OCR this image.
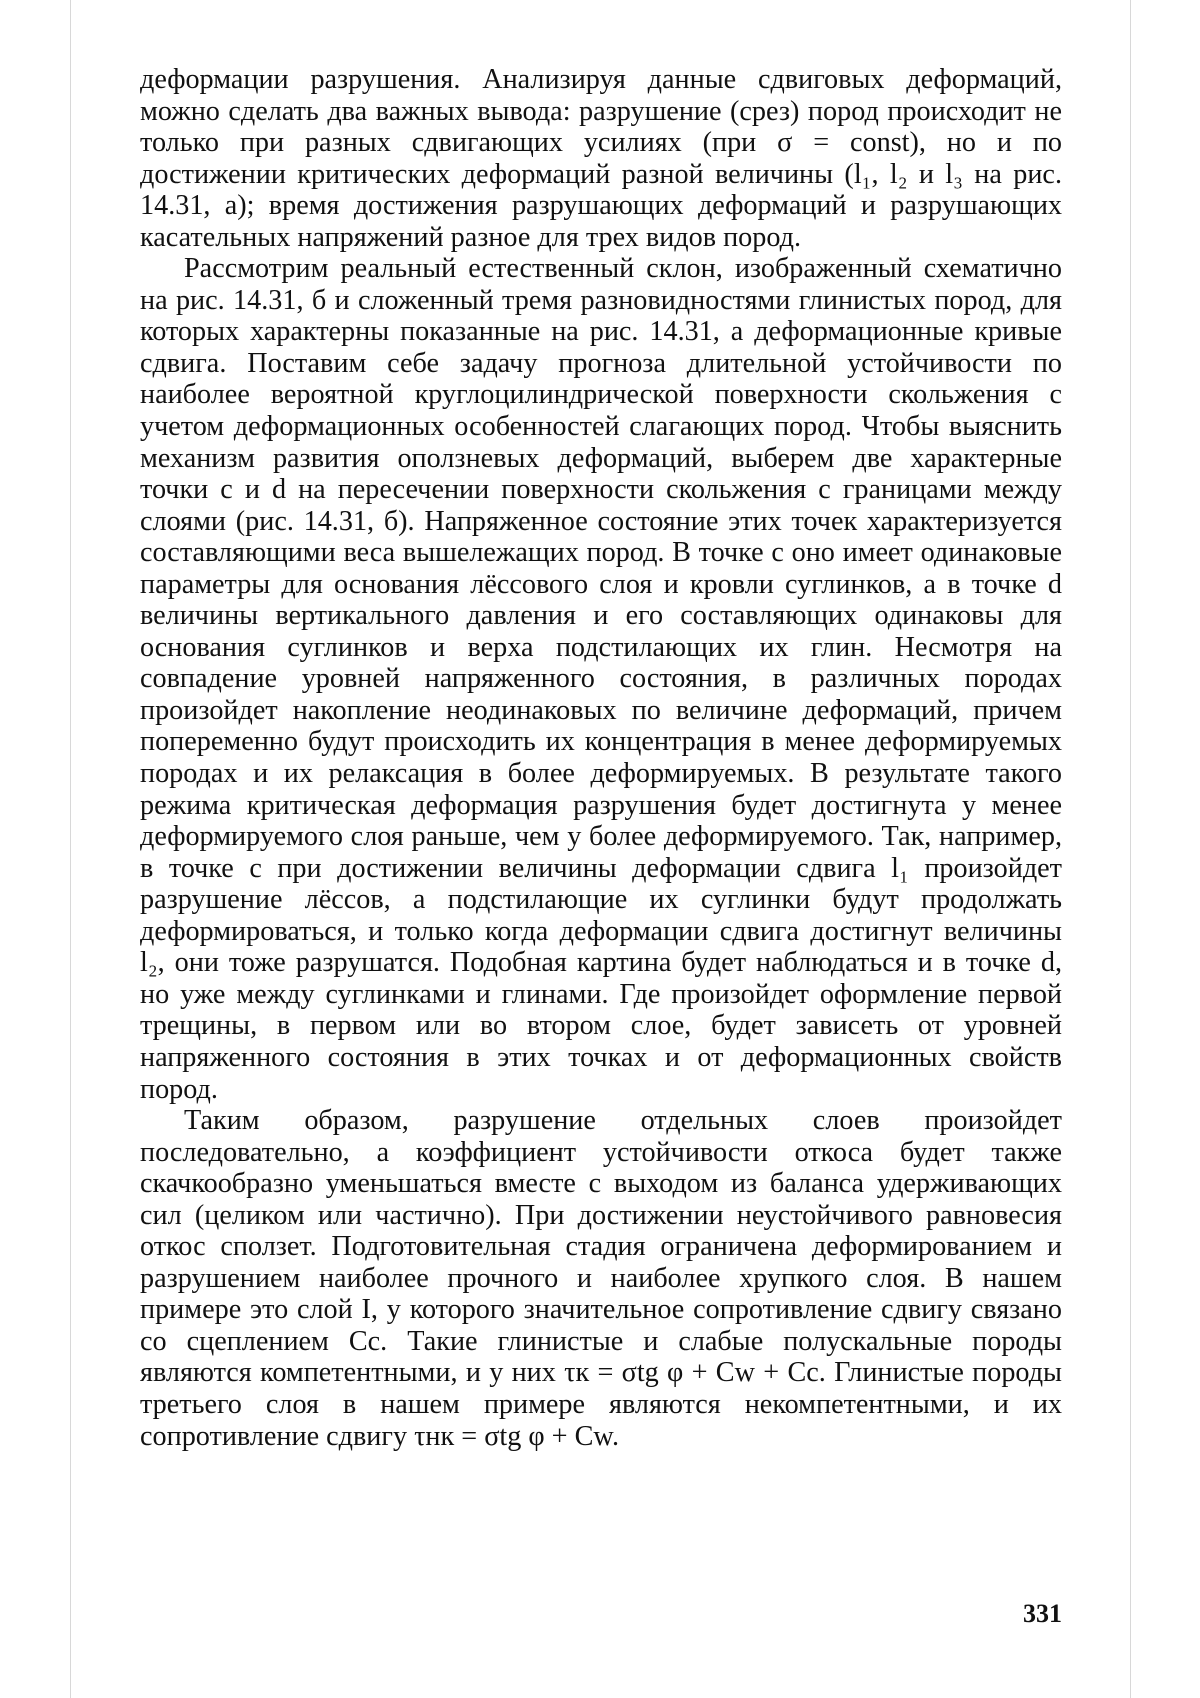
деформации разрушения. Анализируя данные сдвиговых деформаций, можно сделать два важных вывода: разрушение (срез) пород происходит не только при разных сдвигающих усилиях (при σ = const), но и по достижении критических деформаций разной величины (l₁, l₂ и l₃ на рис. 14.31, а); время достижения разрушающих деформаций и разрушающих касательных напряжений разное для трех видов пород.

Рассмотрим реальный естественный склон, изображенный схематично на рис. 14.31, б и сложенный тремя разновидностями глинистых пород, для которых характерны показанные на рис. 14.31, а деформационные кривые сдвига. Поставим себе задачу прогноза длительной устойчивости по наиболее вероятной круглоцилиндрической поверхности скольжения с учетом деформационных особенностей слагающих пород. Чтобы выяснить механизм развития оползневых деформаций, выберем две характерные точки c и d на пересечении поверхности скольжения с границами между слоями (рис. 14.31, б). Напряженное состояние этих точек характеризуется составляющими веса вышележащих пород. В точке c оно имеет одинаковые параметры для основания лёссового слоя и кровли суглинков, а в точке d величины вертикального давления и его составляющих одинаковы для основания суглинков и верха подстилающих их глин. Несмотря на совпадение уровней напряженного состояния, в различных породах произойдет накопление неодинаковых по величине деформаций, причем попеременно будут происходить их концентрация в менее деформируемых породах и их релаксация в более деформируемых. В результате такого режима критическая деформация разрушения будет достигнута у менее деформируемого слоя раньше, чем у более деформируемого. Так, например, в точке c при достижении величины деформации сдвига l₁ произойдет разрушение лёссов, а подстилающие их суглинки будут продолжать деформироваться, и только когда деформации сдвига достигнут величины l₂, они тоже разрушатся. Подобная картина будет наблюдаться и в точке d, но уже между суглинками и глинами. Где произойдет оформление первой трещины, в первом или во втором слое, будет зависеть от уровней напряженного состояния в этих точках и от деформационных свойств пород.

Таким образом, разрушение отдельных слоев произойдет последовательно, а коэффициент устойчивости откоса будет также скачкообразно уменьшаться вместе с выходом из баланса удерживающих сил (целиком или частично). При достижении неустойчивого равновесия откос сползет. Подготовительная стадия ограничена деформированием и разрушением наиболее прочного и наиболее хрупкого слоя. В нашем примере это слой I, у которого значительное сопротивление сдвигу связано со сцеплением Cc. Такие глинистые и слабые полускальные породы являются компетентными, и у них τк = σtg φ + Cw + Cc. Глинистые породы третьего слоя в нашем примере являются некомпетентными, и их сопротивление сдвигу τнк = σtg φ + Cw.

331
